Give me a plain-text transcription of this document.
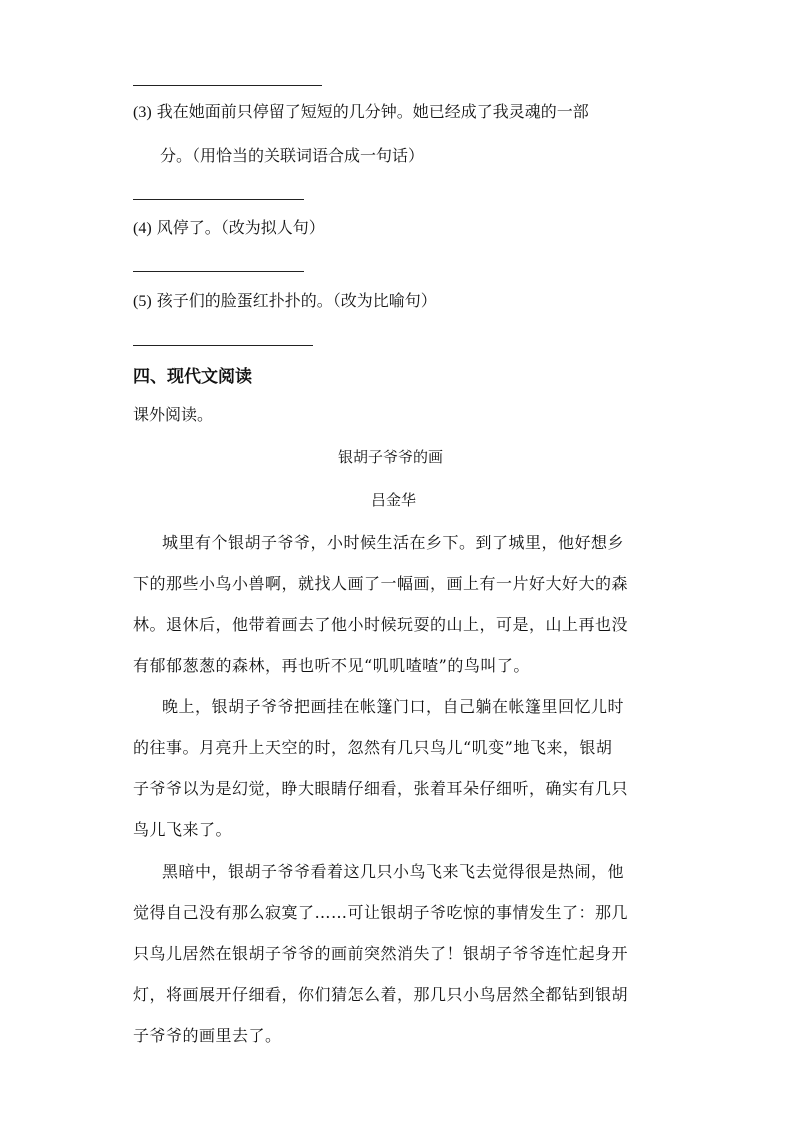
(3) 我在她面前只停留了短短的几分钟。她已经成了我灵魂的一部
分。（用恰当的关联词语合成一句话）
(4) 风停了。（改为拟人句）
(5) 孩子们的脸蛋红扑扑的。（改为比喻句）
四、现代文阅读
课外阅读。
银胡子爷爷的画
吕金华
城里有个银胡子爷爷，小时候生活在乡下。到了城里，他好想乡
下的那些小鸟小兽啊，就找人画了一幅画，画上有一片好大好大的森
林。退休后，他带着画去了他小时候玩耍的山上，可是，山上再也没
有郁郁葱葱的森林，再也听不见“叽叽喳喳”的鸟叫了。
晚上，银胡子爷爷把画挂在帐篷门口，自己躺在帐篷里回忆儿时
的往事。月亮升上天空的时，忽然有几只鸟儿“叽变”地飞来，银胡
子爷爷以为是幻觉，睁大眼睛仔细看，张着耳朵仔细听，确实有几只
鸟儿飞来了。
黑暗中，银胡子爷爷看着这几只小鸟飞来飞去觉得很是热闹，他
觉得自己没有那么寂寞了……可让银胡子爷吃惊的事情发生了：那几
只鸟儿居然在银胡子爷爷的画前突然消失了！银胡子爷爷连忙起身开
灯，将画展开仔细看，你们猜怎么着，那几只小鸟居然全都钻到银胡
子爷爷的画里去了。
